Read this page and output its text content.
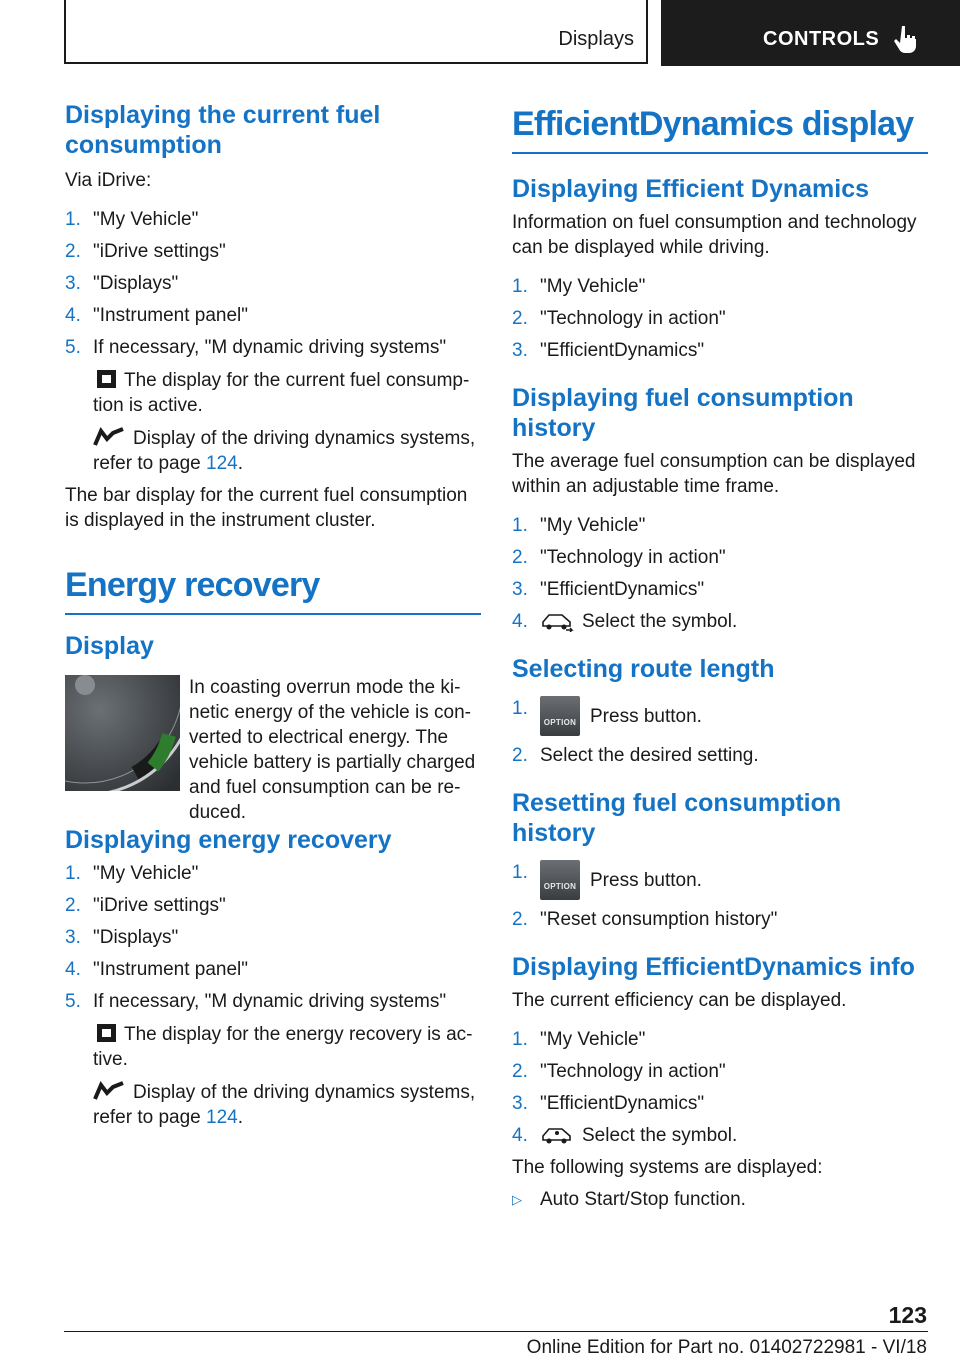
Displays	CONTROLS
Displaying the current fuel consumption

Via iDrive:

1. "My Vehicle"
2. "iDrive settings"
3. "Displays"
4. "Instrument panel"
5. If necessary, "M dynamic driving systems"
The display for the current fuel consump-tion is active.
Display of the driving dynamics systems, refer to page 124.

The bar display for the current fuel consumption is displayed in the instrument cluster.

Energy recovery
Display
In coasting overrun mode the ki-netic energy of the vehicle is con-verted to electrical energy. The vehicle battery is partially charged and fuel consumption can be re-duced.
Displaying energy recovery
1. "My Vehicle"
2. "iDrive settings"
3. "Displays"
4. "Instrument panel"
5. If necessary, "M dynamic driving systems"
The display for the energy recovery is ac-tive.
Display of the driving dynamics systems, refer to page 124.
EfficientDynamics display
Displaying Efficient Dynamics

Information on fuel consumption and technology can be displayed while driving.

1. "My Vehicle"
2. "Technology in action"
3. "EfficientDynamics"
Displaying fuel consumption history

The average fuel consumption can be displayed within an adjustable time frame.

1. "My Vehicle"
2. "Technology in action"
3. "EfficientDynamics"
4.	Select the symbol.
Selecting route length
1.
OPTION Press button.
2. Select the desired setting.
Resetting fuel consumption history
1.
OPTION Press button.
2. "Reset consumption history"
Displaying EfficientDynamics info

The current efficiency can be displayed.

1. "My Vehicle"
2. "Technology in action"
3. "EfficientDynamics"
4.	Select the symbol.

The following systems are displayed:

▷ Auto Start/Stop function.
123
Online Edition for Part no. 01402722981 - VI/18
